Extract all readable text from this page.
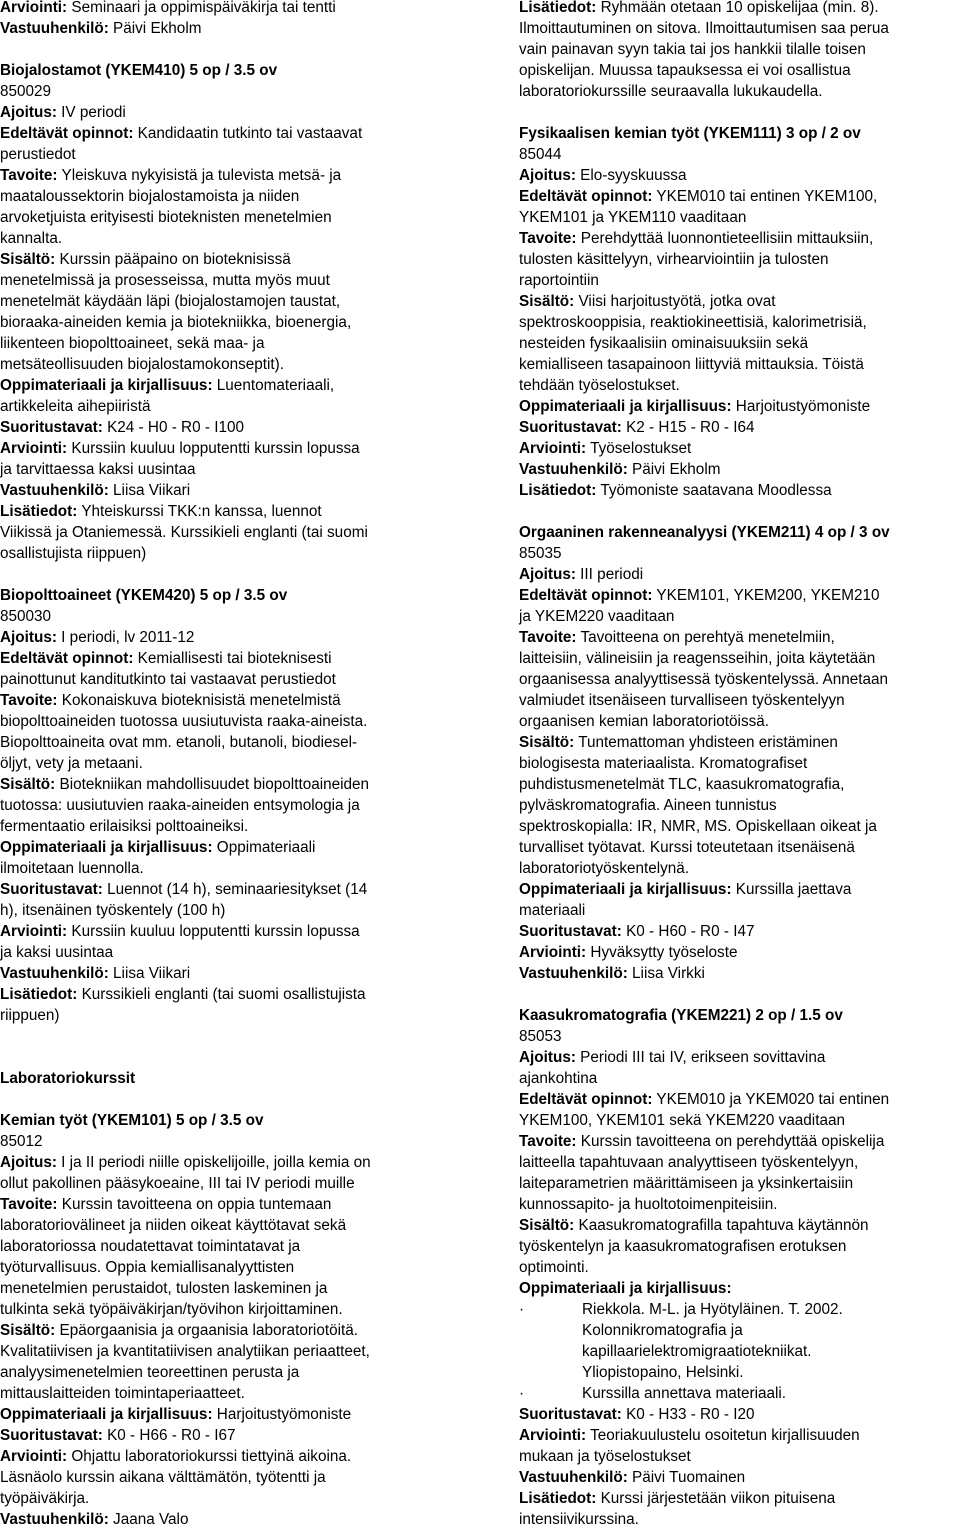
Arviointi: Seminaari ja oppimispäiväkirja tai tentti
Vastuuhenkilö: Päivi Ekholm
Biojalostamot (YKEM410) 5 op / 3.5 ov
850029
Ajoitus: IV periodi
Edeltävät opinnot: Kandidaatin tutkinto tai vastaavat
perustiedot
Tavoite: Yleiskuva nykyisistä ja tulevista metsä- ja
maataloussektorin biojalostamoista ja niiden
arvoketjuista erityisesti bioteknisten menetelmien
kannalta.
Sisältö: Kurssin pääpaino on bioteknisissä
menetelmissä ja prosesseissa, mutta myös muut
menetelmät käydään läpi (biojalostamojen taustat,
bioraaka-aineiden kemia ja biotekniikka, bioenergia,
liikenteen biopolttoaineet, sekä maa- ja
metsäteollisuuden biojalostamokonseptit).
Oppimateriaali ja kirjallisuus: Luentomateriaali,
artikkeleita aihepiiristä
Suoritustavat: K24 - H0 - R0 - I100
Arviointi: Kurssiin kuuluu lopputentti kurssin lopussa
ja tarvittaessa kaksi uusintaa
Vastuuhenkilö: Liisa Viikari
Lisätiedot: Yhteiskurssi TKK:n kanssa, luennot
Viikissä ja Otaniemessä. Kurssikieli englanti (tai suomi
osallistujista riippuen)
Biopolttoaineet (YKEM420) 5 op / 3.5 ov
850030
Ajoitus: I periodi, lv 2011-12
Edeltävät opinnot: Kemiallisesti tai bioteknisesti
painottunut kanditutkinto tai vastaavat perustiedot
Tavoite: Kokonaiskuva bioteknisistä menetelmistä
biopolttoaineiden tuotossa uusiutuvista raaka-aineista.
Biopolttoaineita ovat mm. etanoli, butanoli, biodiesel-
öljyt, vety ja metaani.
Sisältö: Biotekniikan mahdollisuudet biopolttoaineiden
tuotossa: uusiutuvien raaka-aineiden entsymologia ja
fermentaatio erilaisiksi polttoaineiksi.
Oppimateriaali ja kirjallisuus: Oppimateriaali
ilmoitetaan luennolla.
Suoritustavat: Luennot (14 h), seminaariesitykset (14
h), itsenäinen työskentely (100 h)
Arviointi: Kurssiin kuuluu lopputentti kurssin lopussa
ja kaksi uusintaa
Vastuuhenkilö: Liisa Viikari
Lisätiedot: Kurssikieli englanti (tai suomi osallistujista
riippuen)
Laboratoriokurssit
Kemian työt (YKEM101) 5 op / 3.5 ov
85012
Ajoitus: I ja II periodi niille opiskelijoille, joilla kemia on
ollut pakollinen pääsykoeaine, III tai IV periodi muille
Tavoite: Kurssin tavoitteena on oppia tuntemaan
laboratoriovälineet ja niiden oikeat käyttötavat sekä
laboratoriossa noudatettavat toimintatavat ja
työturvallisuus. Oppia kemiallisanalyyttisten
menetelmien perustaidot, tulosten laskeminen ja
tulkinta sekä työpäiväkirjan/työvihon kirjoittaminen.
Sisältö: Epäorgaanisia ja orgaanisia laboratoriotöitä.
Kvalitatiivisen ja kvantitatiivisen analytiikan periaatteet,
analyysimenetelmien teoreettinen perusta ja
mittauslaitteiden toimintaperiaatteet.
Oppimateriaali ja kirjallisuus: Harjoitustyömoniste
Suoritustavat: K0 - H66 - R0 - I67
Arviointi: Ohjattu laboratoriokurssi tiettyinä aikoina.
Läsnäolo kurssin aikana välttämätön, työtentti ja
työpäiväkirja.
Vastuuhenkilö: Jaana Valo
Lisätiedot: Ryhmään otetaan 10 opiskelijaa (min. 8).
Ilmoittautuminen on sitova. Ilmoittautumisen saa perua
vain painavan syyn takia tai jos hankkii tilalle toisen
opiskelijan. Muussa tapauksessa ei voi osallistua
laboratoriokurssille seuraavalla lukukaudella.
Fysikaalisen kemian työt (YKEM111) 3 op / 2 ov
85044
Ajoitus: Elo-syyskuussa
Edeltävät opinnot: YKEM010 tai entinen YKEM100,
YKEM101 ja YKEM110 vaaditaan
Tavoite: Perehdyttää luonnontieteellisiin mittauksiin,
tulosten käsittelyyn, virhearviointiin ja tulosten
raportointiin
Sisältö: Viisi harjoitustyötä, jotka ovat
spektroskooppisia, reaktiokineettisiä, kalorimetrisiä,
nesteiden fysikaalisiin ominaisuuksiin sekä
kemialliseen tasapainoon liittyviä mittauksia. Töistä
tehdään työselostukset.
Oppimateriaali ja kirjallisuus: Harjoitustyömoniste
Suoritustavat: K2 - H15 - R0 - I64
Arviointi: Työselostukset
Vastuuhenkilö: Päivi Ekholm
Lisätiedot: Työmoniste saatavana Moodlessa
Orgaaninen rakenneanalyysi (YKEM211) 4 op / 3 ov
85035
Ajoitus: III periodi
Edeltävät opinnot: YKEM101, YKEM200, YKEM210
ja YKEM220 vaaditaan
Tavoite: Tavoitteena on perehtyä menetelmiin,
laitteisiin, välineisiin ja reagensseihin, joita käytetään
orgaanisessa analyyttisessä työskentelyssä. Annetaan
valmiudet itsenäiseen turvalliseen työskentelyyn
orgaanisen kemian laboratoriotöissä.
Sisältö: Tuntemattoman yhdisteen eristäminen
biologisesta materiaalista. Kromatografiset
puhdistusmenetelmät TLC, kaasukromatografia,
pylväskromatografia. Aineen tunnistus
spektroskopialla: IR, NMR, MS. Opiskellaan oikeat ja
turvalliset työtavat. Kurssi toteutetaan itsenäisenä
laboratoriotyöskentelynä.
Oppimateriaali ja kirjallisuus: Kurssilla jaettava
materiaali
Suoritustavat: K0 - H60 - R0 - I47
Arviointi: Hyväksytty työseloste
Vastuuhenkilö: Liisa Virkki
Kaasukromatografia (YKEM221) 2 op / 1.5 ov
85053
Ajoitus: Periodi III tai IV, erikseen sovittavina
ajankohtina
Edeltävät opinnot: YKEM010 ja YKEM020 tai entinen
YKEM100, YKEM101 sekä YKEM220 vaaditaan
Tavoite: Kurssin tavoitteena on perehdyttää opiskelija
laitteella tapahtuvaan analyyttiseen työskentelyyn,
laiteparametrien määrittämiseen ja yksinkertaisiin
kunnossapito- ja huoltotoimenpiteisiin.
Sisältö: Kaasukromatografilla tapahtuva käytännön
työskentelyn ja kaasukromatografisen erotuksen
optimointi.
Oppimateriaali ja kirjallisuus:
·	Riekkola. M-L. ja Hyötyläinen. T. 2002.
Kolonnikromatografia ja
kapillaarielektromigraatiotekniikat.
Yliopistopaino, Helsinki.
·	Kurssilla annettava materiaali.
Suoritustavat: K0 - H33 - R0 - I20
Arviointi: Teoriakuulustelu osoitetun kirjallisuuden
mukaan ja työselostukset
Vastuuhenkilö: Päivi Tuomainen
Lisätiedot: Kurssi järjestetään viikon pituisena
intensiivikurssina.
